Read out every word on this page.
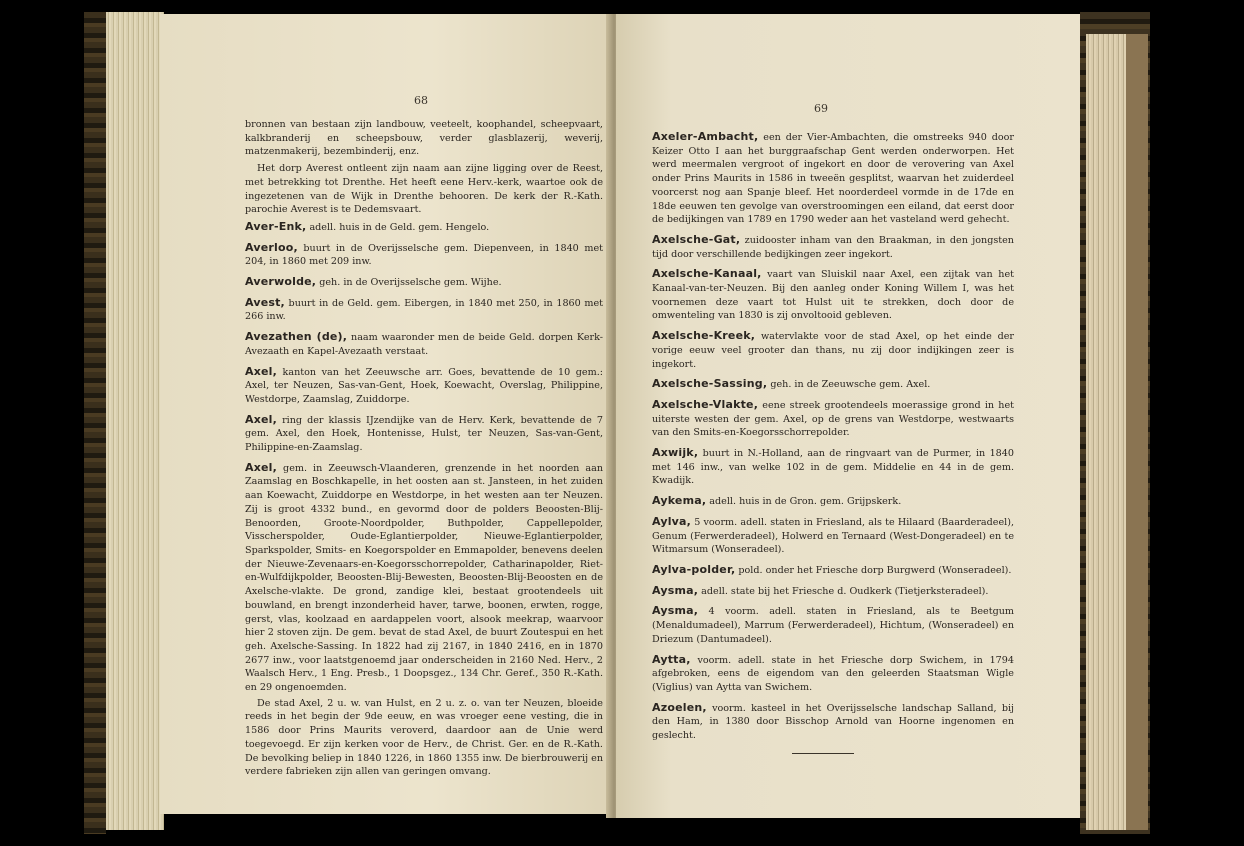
68

bronnen van bestaan zijn landbouw, veeteelt, koophandel, scheepvaart, kalkbranderij en scheepsbouw, verder glasblazerij, weverij, matzenmakerij, bezembinderij, enz.

Het dorp Averest ontleent zijn naam aan zijne ligging over de Reest, met betrekking tot Drenthe. Het heeft eene Herv.-kerk, waartoe ook de ingezetenen van de Wijk in Drenthe behooren. De kerk der R.-Kath. parochie Averest is te Dedemsvaart.

Aver-Enk, adell. huis in de Geld. gem. Hengelo.

Averloo, buurt in de Overijsselsche gem. Diepenveen, in 1840 met 204, in 1860 met 209 inw.

Averwolde, geh. in de Overijsselsche gem. Wijhe.

Avest, buurt in de Geld. gem. Eibergen, in 1840 met 250, in 1860 met 266 inw.

Avezathen (de), naam waaronder men de beide Geld. dorpen Kerk-Avezaath en Kapel-Avezaath verstaat.

Axel, kanton van het Zeeuwsche arr. Goes, bevattende de 10 gem.: Axel, ter Neuzen, Sas-van-Gent, Hoek, Koewacht, Overslag, Philippine, Westdorpe, Zaamslag, Zuiddorpe.

Axel, ring der klassis IJzendijke van de Herv. Kerk, bevattende de 7 gem. Axel, den Hoek, Hontenisse, Hulst, ter Neuzen, Sas-van-Gent, Philippine-en-Zaamslag.

Axel, gem. in Zeeuwsch-Vlaanderen, grenzende in het noorden aan Zaamslag en Boschkapelle, in het oosten aan st. Jansteen, in het zuiden aan Koewacht, Zuiddorpe en Westdorpe, in het westen aan ter Neuzen. Zij is groot 4332 bund., en gevormd door de polders Beoosten-Blij-Benoorden, Groote-Noordpolder, Buthpolder, Cappellepolder, Visscherspolder, Oude-Eglantierpolder, Nieuwe-Eglantierpolder, Sparkspolder, Smits- en Koegorspolder en Emmapolder, benevens deelen der Nieuwe-Zevenaars-en-Koegorsschorrepolder, Catharinapolder, Riet-en-Wulfdijkpolder, Beoosten-Blij-Bewesten, Beoosten-Blij-Beoosten en de Axelsche-vlakte. De grond, zandige klei, bestaat grootendeels uit bouwland, en brengt inzonderheid haver, tarwe, boonen, erwten, rogge, gerst, vlas, koolzaad en aardappelen voort, alsook meekrap, waarvoor hier 2 stoven zijn. De gem. bevat de stad Axel, de buurt Zoutespui en het geh. Axelsche-Sassing. In 1822 had zij 2167, in 1840 2416, en in 1870 2677 inw., voor laatstgenoemd jaar onderscheiden in 2160 Ned. Herv., 2 Waalsch Herv., 1 Eng. Presb., 1 Doopsgez., 134 Chr. Geref., 350 R.-Kath. en 29 ongenoemden.

De stad Axel, 2 u. w. van Hulst, en 2 u. z. o. van ter Neuzen, bloeide reeds in het begin der 9de eeuw, en was vroeger eene vesting, die in 1586 door Prins Maurits veroverd, daardoor aan de Unie werd toegevoegd. Er zijn kerken voor de Herv., de Christ. Ger. en de R.-Kath. De bevolking beliep in 1840 1226, in 1860 1355 inw. De bierbrouwerij en verdere fabrieken zijn allen van geringen omvang.

69

Axeler-Ambacht, een der Vier-Ambachten, die omstreeks 940 door Keizer Otto I aan het burggraafschap Gent werden onderworpen. Het werd meermalen vergroot of ingekort en door de verovering van Axel onder Prins Maurits in 1586 in tweeën gesplitst, waarvan het zuiderdeel voorcerst nog aan Spanje bleef. Het noorderdeel vormde in de 17de en 18de eeuwen ten gevolge van overstroomingen een eiland, dat eerst door de bedijkingen van 1789 en 1790 weder aan het vasteland werd gehecht.

Axelsche-Gat, zuidooster inham van den Braakman, in den jongsten tijd door verschillende bedijkingen zeer ingekort.

Axelsche-Kanaal, vaart van Sluiskil naar Axel, een zijtak van het Kanaal-van-ter-Neuzen. Bij den aanleg onder Koning Willem I, was het voornemen deze vaart tot Hulst uit te strekken, doch door de omwenteling van 1830 is zij onvoltooid gebleven.

Axelsche-Kreek, watervlakte voor de stad Axel, op het einde der vorige eeuw veel grooter dan thans, nu zij door indijkingen zeer is ingekort.

Axelsche-Sassing, geh. in de Zeeuwsche gem. Axel.

Axelsche-Vlakte, eene streek grootendeels moerassige grond in het uiterste westen der gem. Axel, op de grens van Westdorpe, westwaarts van den Smits-en-Koegorsschorrepolder.

Axwijk, buurt in N.-Holland, aan de ringvaart van de Purmer, in 1840 met 146 inw., van welke 102 in de gem. Middelie en 44 in de gem. Kwadijk.

Aykema, adell. huis in de Gron. gem. Grijpskerk.

Aylva, 5 voorm. adell. staten in Friesland, als te Hilaard (Baarderadeel), Genum (Ferwerderadeel), Holwerd en Ternaard (West-Dongeradeel) en te Witmarsum (Wonseradeel).

Aylva-polder, pold. onder het Friesche dorp Burgwerd (Wonseradeel).

Aysma, adell. state bij het Friesche d. Oudkerk (Tietjerksteradeel).

Aysma, 4 voorm. adell. staten in Friesland, als te Beetgum (Menaldumadeel), Marrum (Ferwerderadeel), Hichtum, (Wonseradeel) en Driezum (Dantumadeel).

Aytta, voorm. adell. state in het Friesche dorp Swichem, in 1794 afgebroken, eens de eigendom van den geleerden Staatsman Wigle (Viglius) van Aytta van Swichem.

Azoelen, voorm. kasteel in het Overijsselsche landschap Salland, bij den Ham, in 1380 door Bisschop Arnold van Hoorne ingenomen en geslecht.
